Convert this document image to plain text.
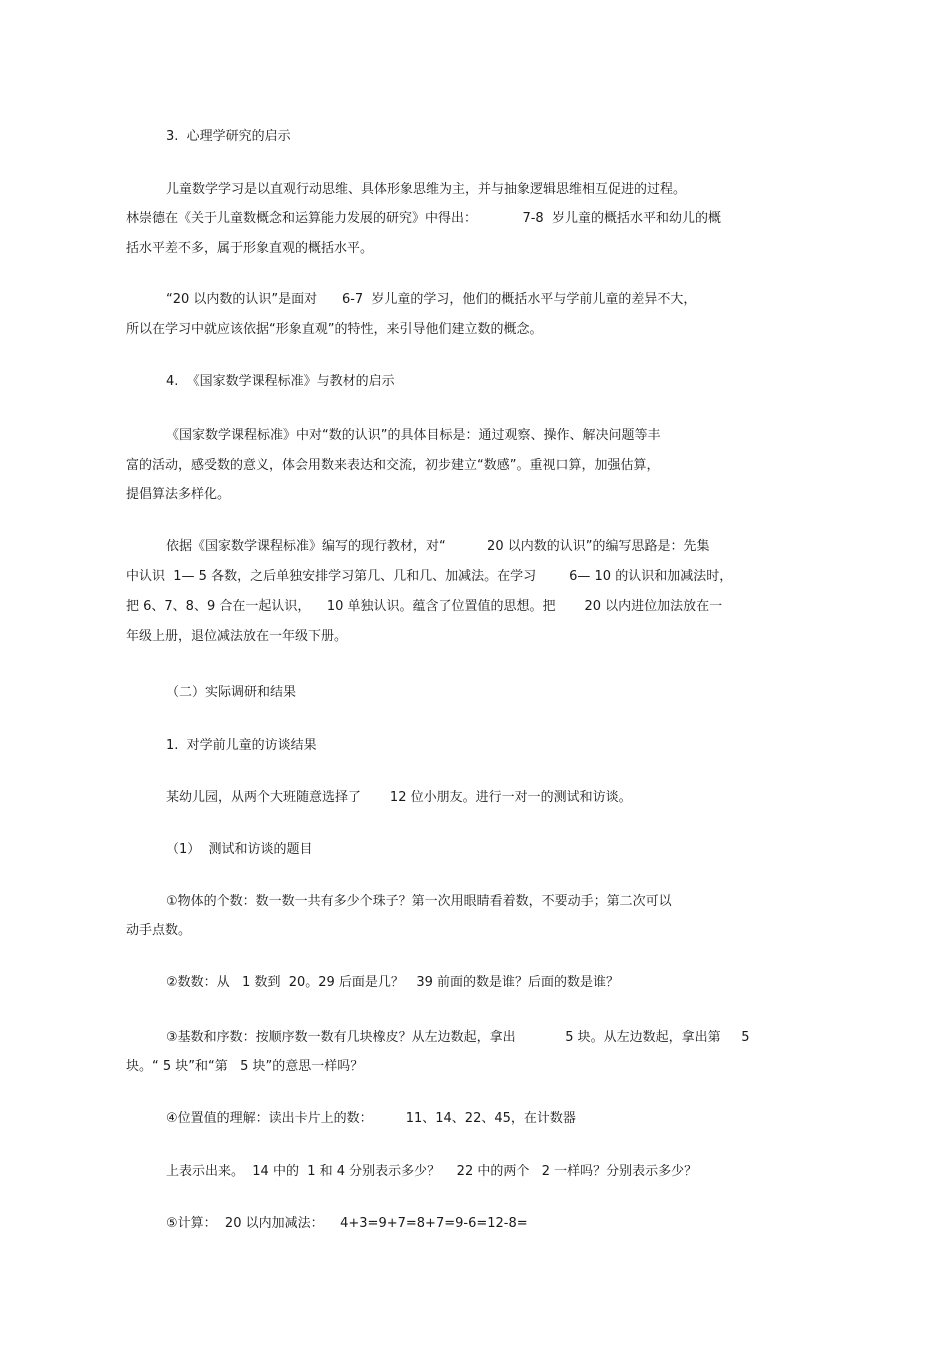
3.  心理学研究的启示

儿童数学学习是以直观行动思维、具体形象思维为主，并与抽象逻辑思维相互促进的过程。

林崇德在《关于儿童数概念和运算能力发展的研究》中得出：           7-8  岁儿童的概括水平和幼儿的概

括水平差不多，属于形象直观的概括水平。

“20 以内数的认识”是面对      6-7  岁儿童的学习，他们的概括水平与学前儿童的差异不大，

所以在学习中就应该依据“形象直观”的特性，来引导他们建立数的概念。

4.  《国家数学课程标准》与教材的启示

《国家数学课程标准》中对“数的认识”的具体目标是：通过观察、操作、解决问题等丰

富的活动，感受数的意义，体会用数来表达和交流，初步建立“数感”。重视口算，加强估算，

提倡算法多样化。

依据《国家数学课程标准》编写的现行教材，对“          20 以内数的认识”的编写思路是：先集

中认识  1— 5 各数，之后单独安排学习第几、几和几、加减法。在学习        6— 10 的认识和加减法时，

把 6、7、8、9 合在一起认识，    10 单独认识。蕴含了位置值的思想。把       20 以内进位加法放在一

年级上册，退位减法放在一年级下册。

（二）实际调研和结果

1.  对学前儿童的访谈结果

某幼儿园，从两个大班随意选择了       12 位小朋友。进行一对一的测试和访谈。

（1）  测试和访谈的题目

①物体的个数：数一数一共有多少个珠子？第一次用眼睛看着数，不要动手；第二次可以

动手点数。

②数数：从   1 数到  20。29 后面是几？   39 前面的数是谁？后面的数是谁？

③基数和序数：按顺序数一数有几块橡皮？从左边数起，拿出            5 块。从左边数起，拿出第     5

块。“ 5 块”和“第   5 块”的意思一样吗？

④位置值的理解：读出卡片上的数：        11、14、22、45，在计数器

上表示出来。  14 中的  1 和 4 分别表示多少？    22 中的两个   2 一样吗？分别表示多少？

⑤计算：  20 以内加减法：    4+3=9+7=8+7=9-6=12-8=
